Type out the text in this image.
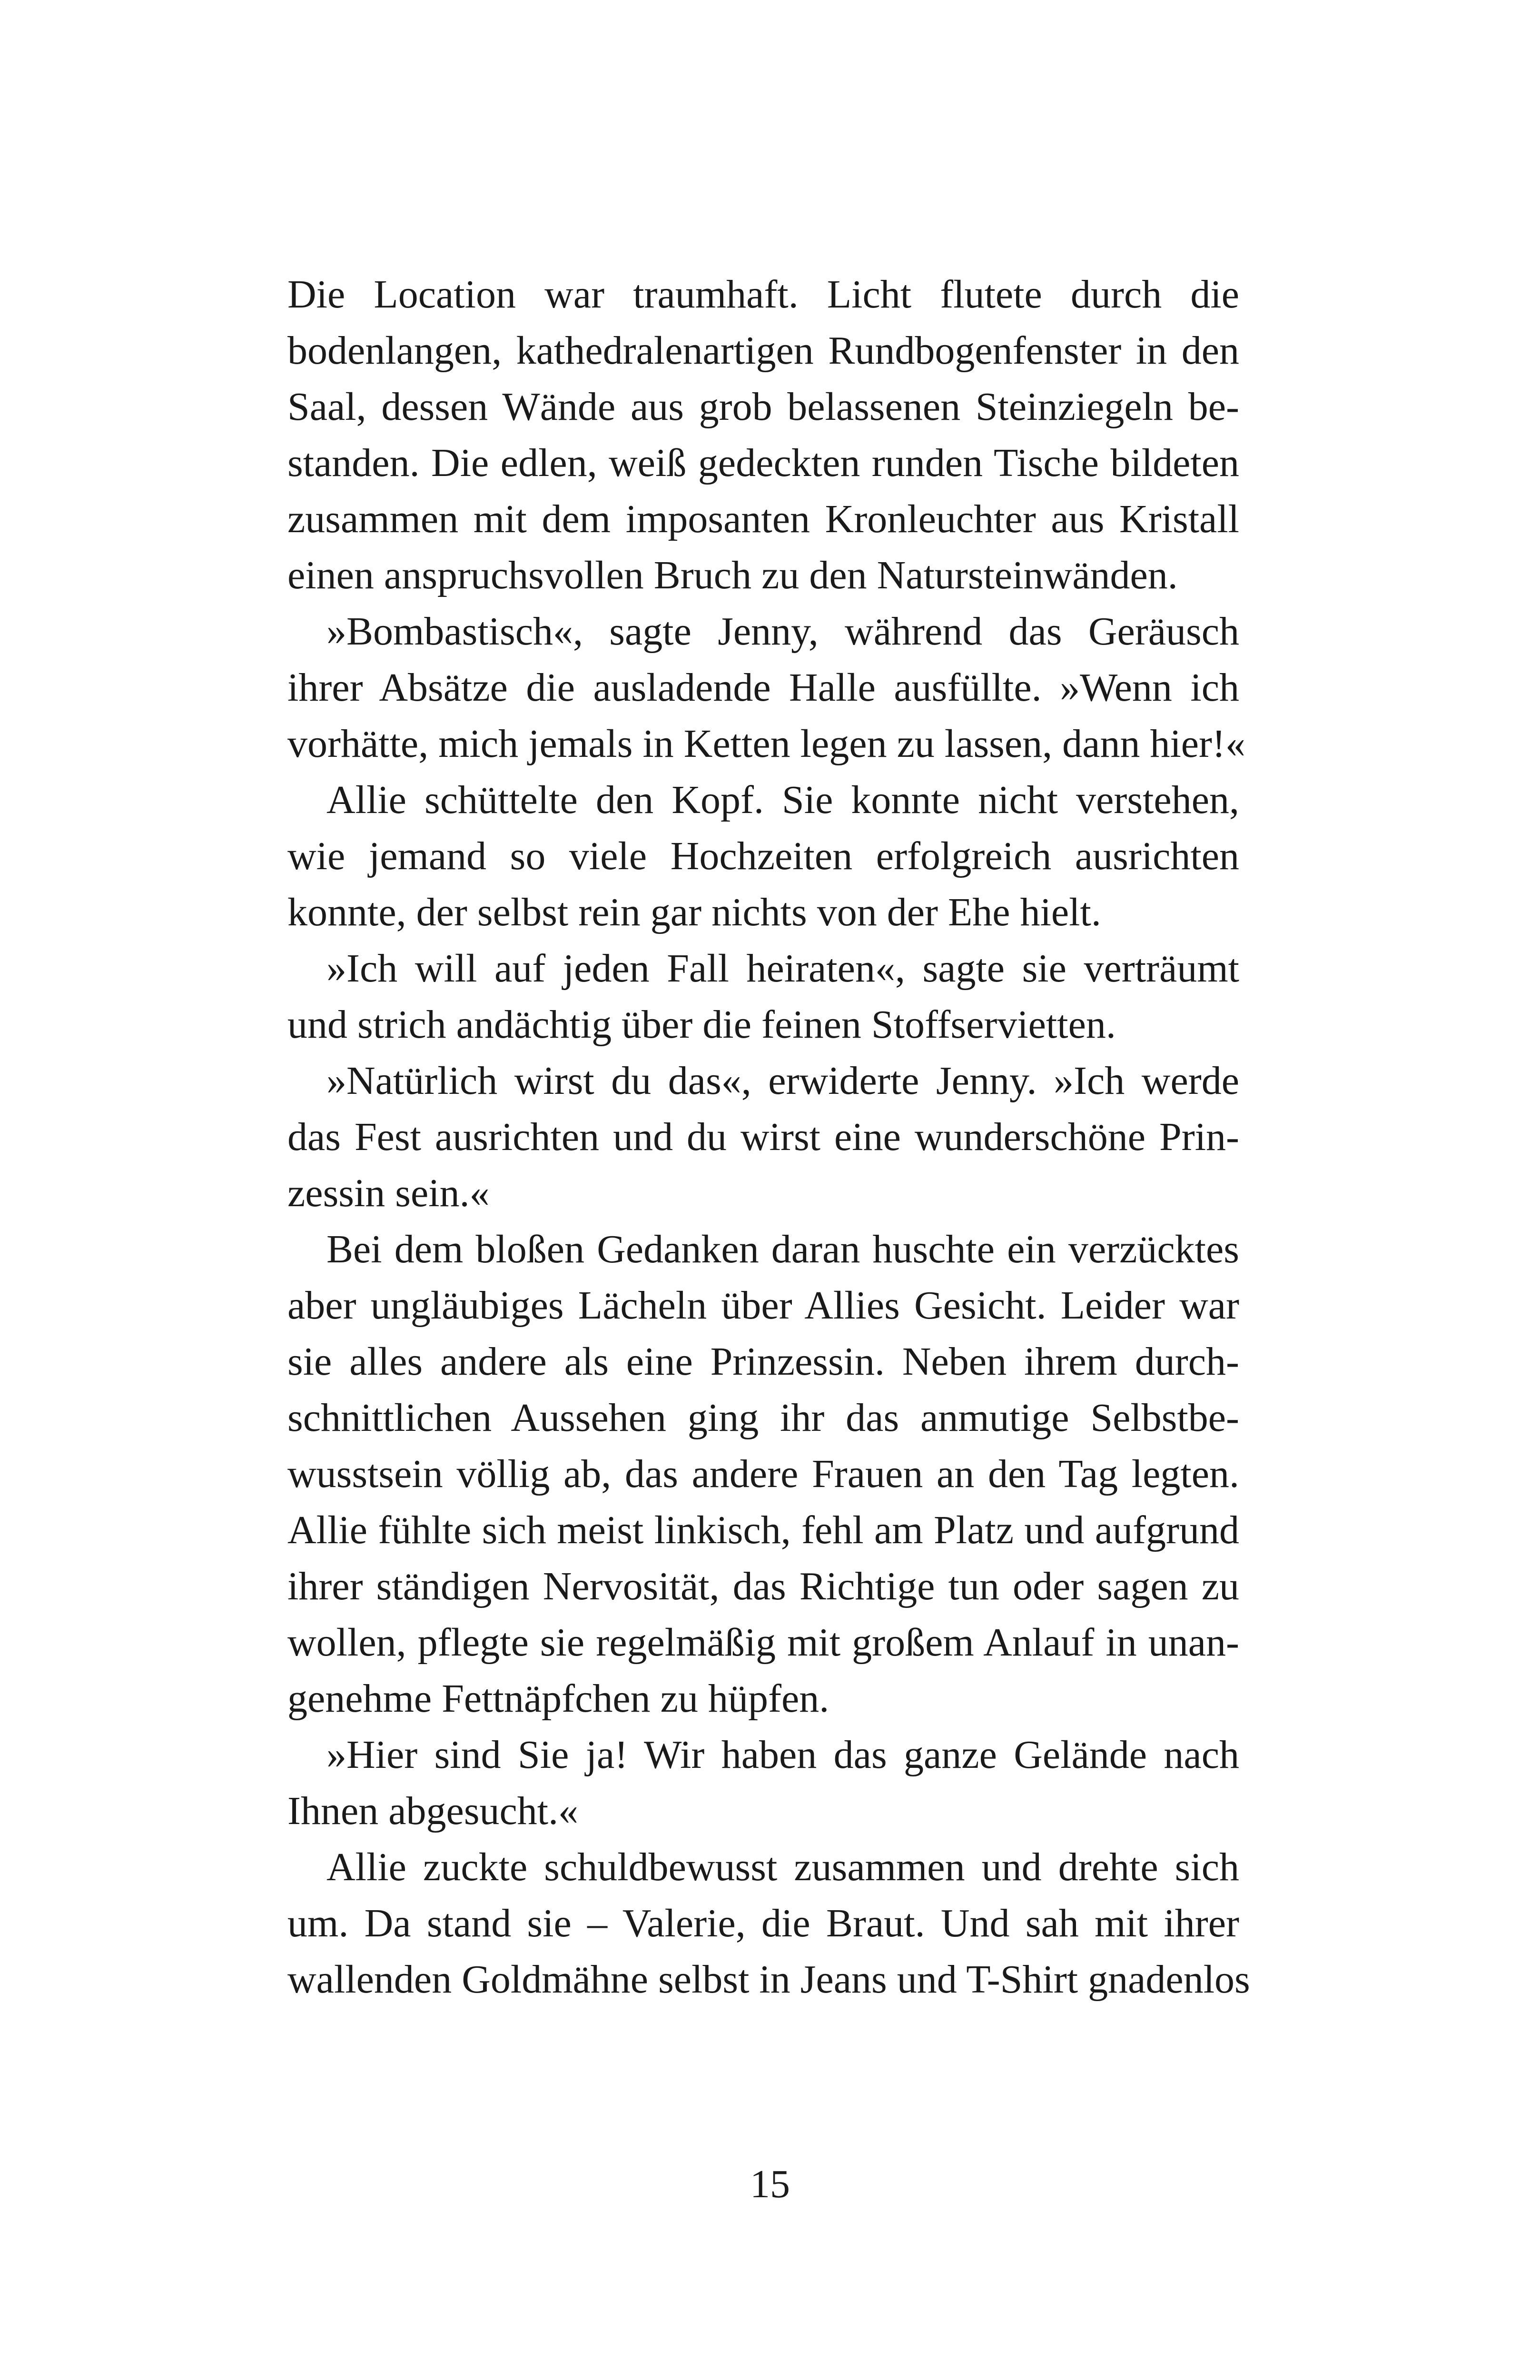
Die Location war traumhaft. Licht flutete durch die
bodenlangen, kathedralenartigen Rundbogenfenster in den
Saal, dessen Wände aus grob belassenen Steinziegeln be-
standen. Die edlen, weiß gedeckten runden Tische bildeten
zusammen mit dem imposanten Kronleuchter aus Kristall
einen anspruchsvollen Bruch zu den Natursteinwänden.
»Bombastisch«, sagte Jenny, während das Geräusch
ihrer Absätze die ausladende Halle ausfüllte. »Wenn ich
vorhätte, mich jemals in Ketten legen zu lassen, dann hier!«
Allie schüttelte den Kopf. Sie konnte nicht verstehen,
wie jemand so viele Hochzeiten erfolgreich ausrichten
konnte, der selbst rein gar nichts von der Ehe hielt.
»Ich will auf jeden Fall heiraten«, sagte sie verträumt
und strich andächtig über die feinen Stoffservietten.
»Natürlich wirst du das«, erwiderte Jenny. »Ich werde
das Fest ausrichten und du wirst eine wunderschöne Prin-
zessin sein.«
Bei dem bloßen Gedanken daran huschte ein verzücktes
aber ungläubiges Lächeln über Allies Gesicht. Leider war
sie alles andere als eine Prinzessin. Neben ihrem durch-
schnittlichen Aussehen ging ihr das anmutige Selbstbe-
wusstsein völlig ab, das andere Frauen an den Tag legten.
Allie fühlte sich meist linkisch, fehl am Platz und aufgrund
ihrer ständigen Nervosität, das Richtige tun oder sagen zu
wollen, pflegte sie regelmäßig mit großem Anlauf in unan-
genehme Fettnäpfchen zu hüpfen.
»Hier sind Sie ja! Wir haben das ganze Gelände nach
Ihnen abgesucht.«
Allie zuckte schuldbewusst zusammen und drehte sich
um. Da stand sie – Valerie, die Braut. Und sah mit ihrer
wallenden Goldmähne selbst in Jeans und T-Shirt gnadenlos
15
